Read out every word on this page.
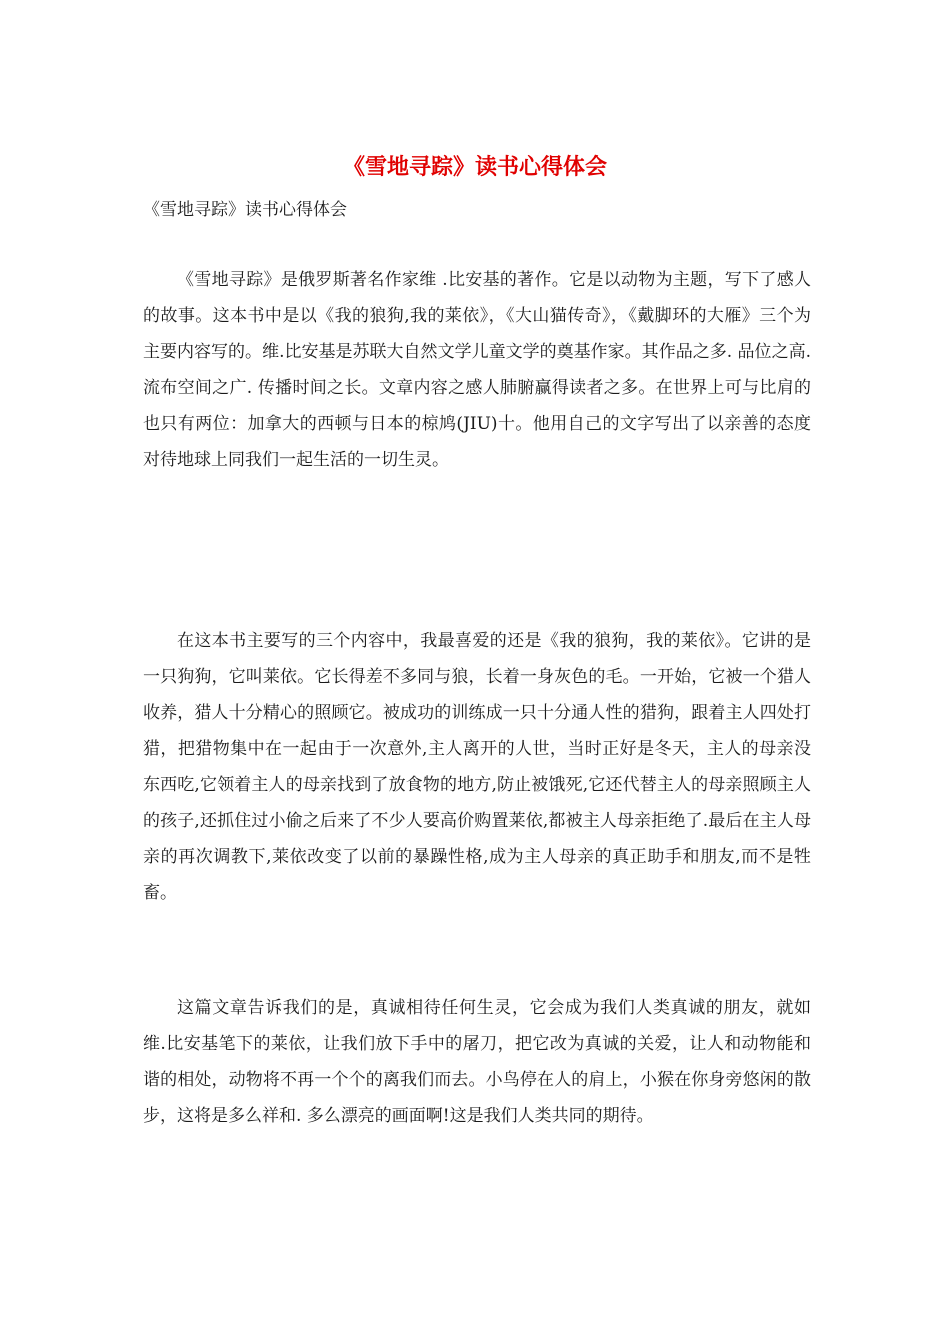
《雪地寻踪》读书心得体会

《雪地寻踪》读书心得体会

《雪地寻踪》是俄罗斯著名作家维 .比安基的著作。它是以动物为主题，写下了感人的故事。这本书中是以《我的狼狗,我的莱依》，《大山猫传奇》，《戴脚环的大雁》三个为主要内容写的。维.比安基是苏联大自然文学儿童文学的奠基作家。其作品之多. 品位之高. 流布空间之广. 传播时间之长。文章内容之感人肺腑赢得读者之多。在世界上可与比肩的也只有两位：加拿大的西顿与日本的椋鸠(JIU)十。他用自己的文字写出了以亲善的态度对待地球上同我们一起生活的一切生灵。

在这本书主要写的三个内容中，我最喜爱的还是《我的狼狗，我的莱依》。它讲的是一只狗狗，它叫莱依。它长得差不多同与狼，长着一身灰色的毛。一开始，它被一个猎人收养，猎人十分精心的照顾它。被成功的训练成一只十分通人性的猎狗，跟着主人四处打猎，把猎物集中在一起由于一次意外,主人离开的人世，当时正好是冬天，主人的母亲没东西吃,它领着主人的母亲找到了放食物的地方,防止被饿死,它还代替主人的母亲照顾主人的孩子,还抓住过小偷之后来了不少人要高价购置莱依,都被主人母亲拒绝了.最后在主人母亲的再次调教下,莱依改变了以前的暴躁性格,成为主人母亲的真正助手和朋友,而不是牲畜。

这篇文章告诉我们的是，真诚相待任何生灵，它会成为我们人类真诚的朋友，就如维.比安基笔下的莱依，让我们放下手中的屠刀，把它改为真诚的关爱，让人和动物能和谐的相处，动物将不再一个个的离我们而去。小鸟停在人的肩上，小猴在你身旁悠闲的散步，这将是多么祥和. 多么漂亮的画面啊!这是我们人类共同的期待。
